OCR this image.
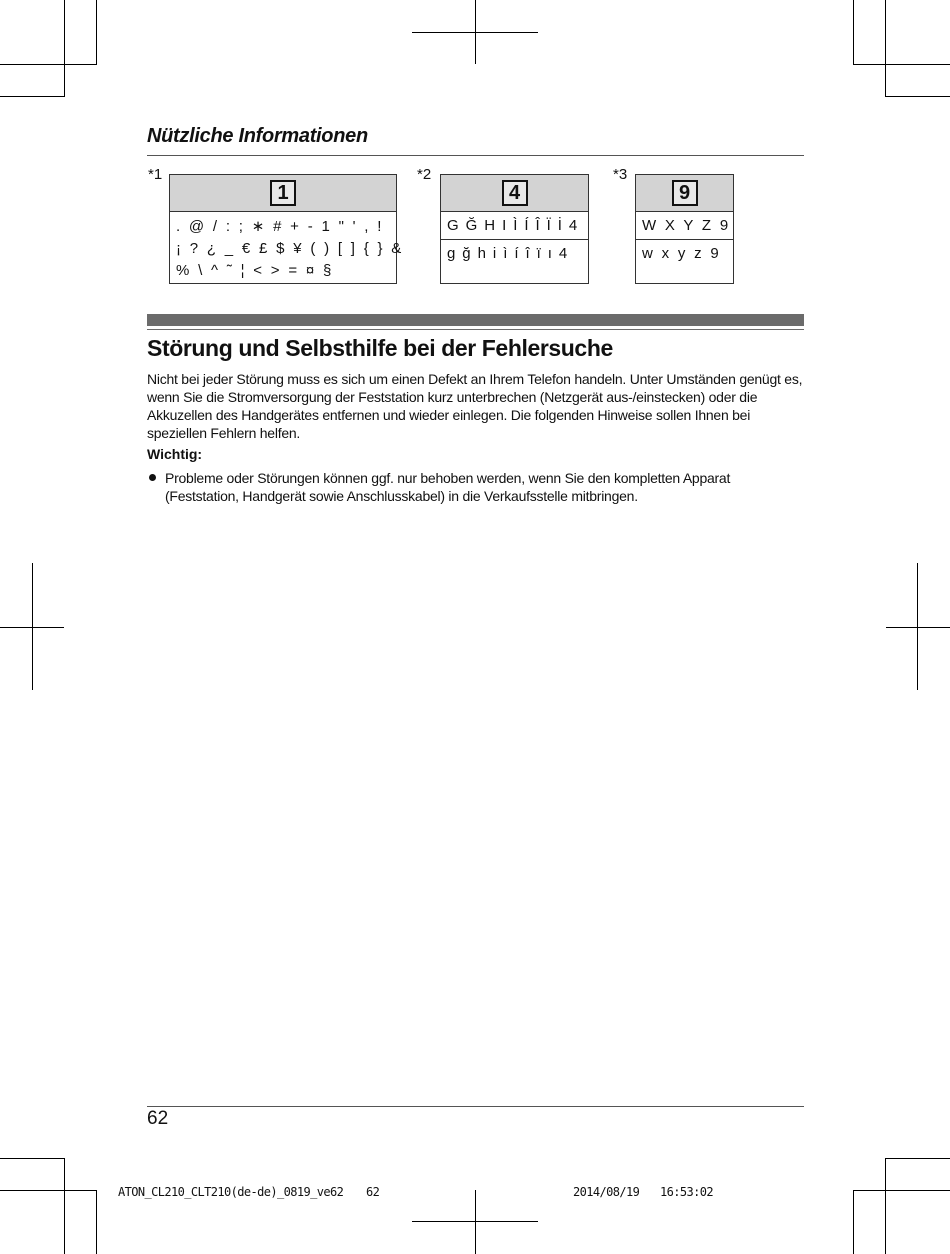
Nützliche Informationen
*1
1
. @ / : ; ∗ # + - 1 " ' , !
¡ ? ¿ _ € £ $ ¥ ( ) [ ] { } &
% \ ^ ˜ ¦ < > = ¤ §
*2
4
G Ğ H I Ì Í Î Ï İ 4
g ğ h i ì í î ï ı 4
*3
9
W X Y Z 9
w x y z 9
Störung und Selbsthilfe bei der Fehlersuche
Nicht bei jeder Störung muss es sich um einen Defekt an Ihrem Telefon handeln. Unter Umständen genügt es, wenn Sie die Stromversorgung der Feststation kurz unterbrechen (Netzgerät aus-/einstecken) oder die Akkuzellen des Handgerätes entfernen und wieder einlegen. Die folgenden Hinweise sollen Ihnen bei speziellen Fehlern helfen.
Wichtig:
Probleme oder Störungen können ggf. nur behoben werden, wenn Sie den kompletten Apparat (Feststation, Handgerät sowie Anschlusskabel) in die Verkaufsstelle mitbringen.
62
ATON_CL210_CLT210(de-de)_0819_ve62 62	2014/08/19 16:53:02
